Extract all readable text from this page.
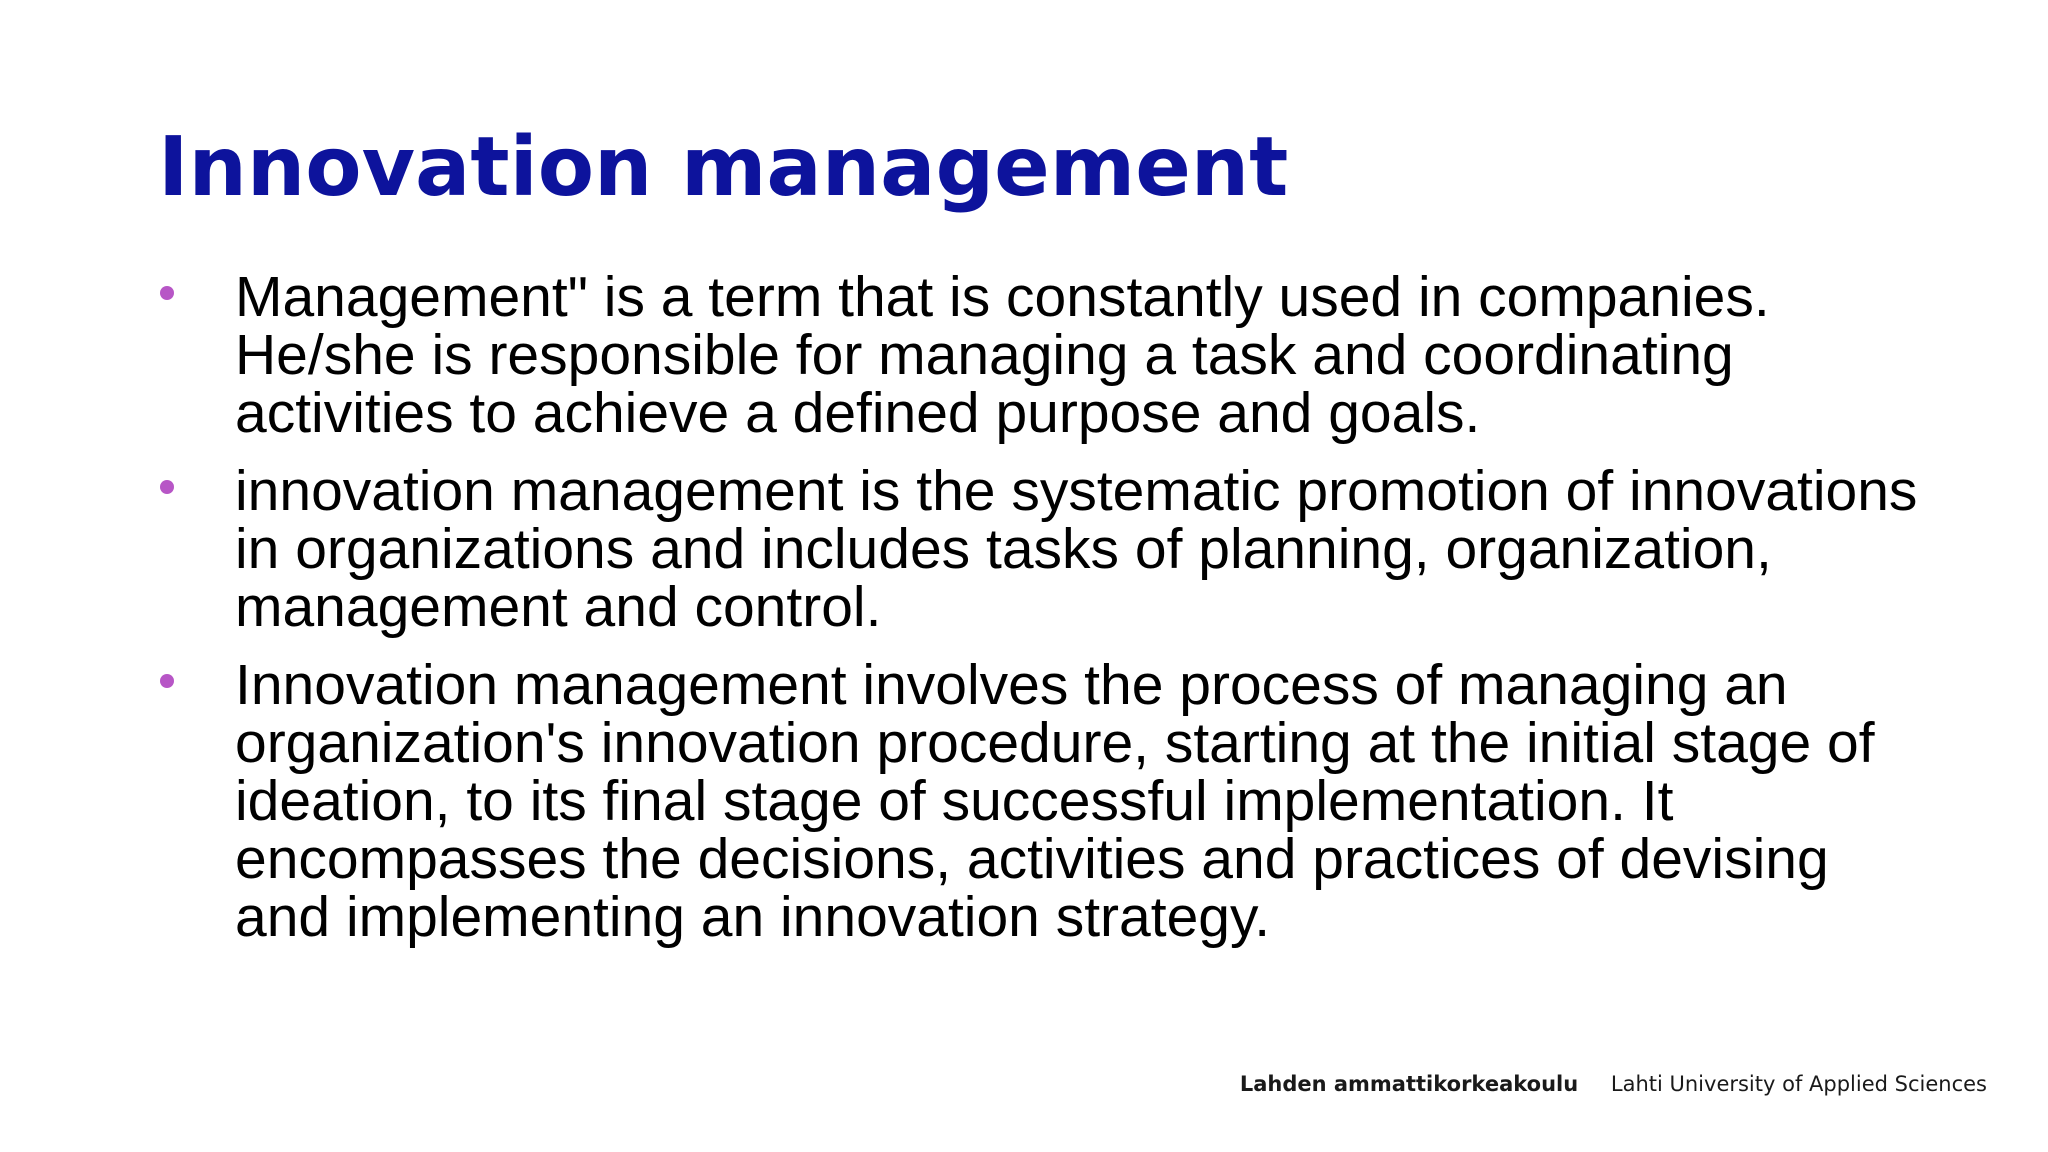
Innovation management
Management" is a term that is constantly used in companies. He/she is responsible for managing a task and coordinating activities to achieve a defined purpose and goals.
innovation management is the systematic promotion of innovations in organizations and includes tasks of planning, organization, management and control.
Innovation management involves the process of managing an organization's innovation procedure, starting at the initial stage of ideation, to its final stage of successful implementation. It encompasses the decisions, activities and practices of devising and implementing an innovation strategy.
Lahden ammattikorkeakoulu Lahti University of Applied Sciences
